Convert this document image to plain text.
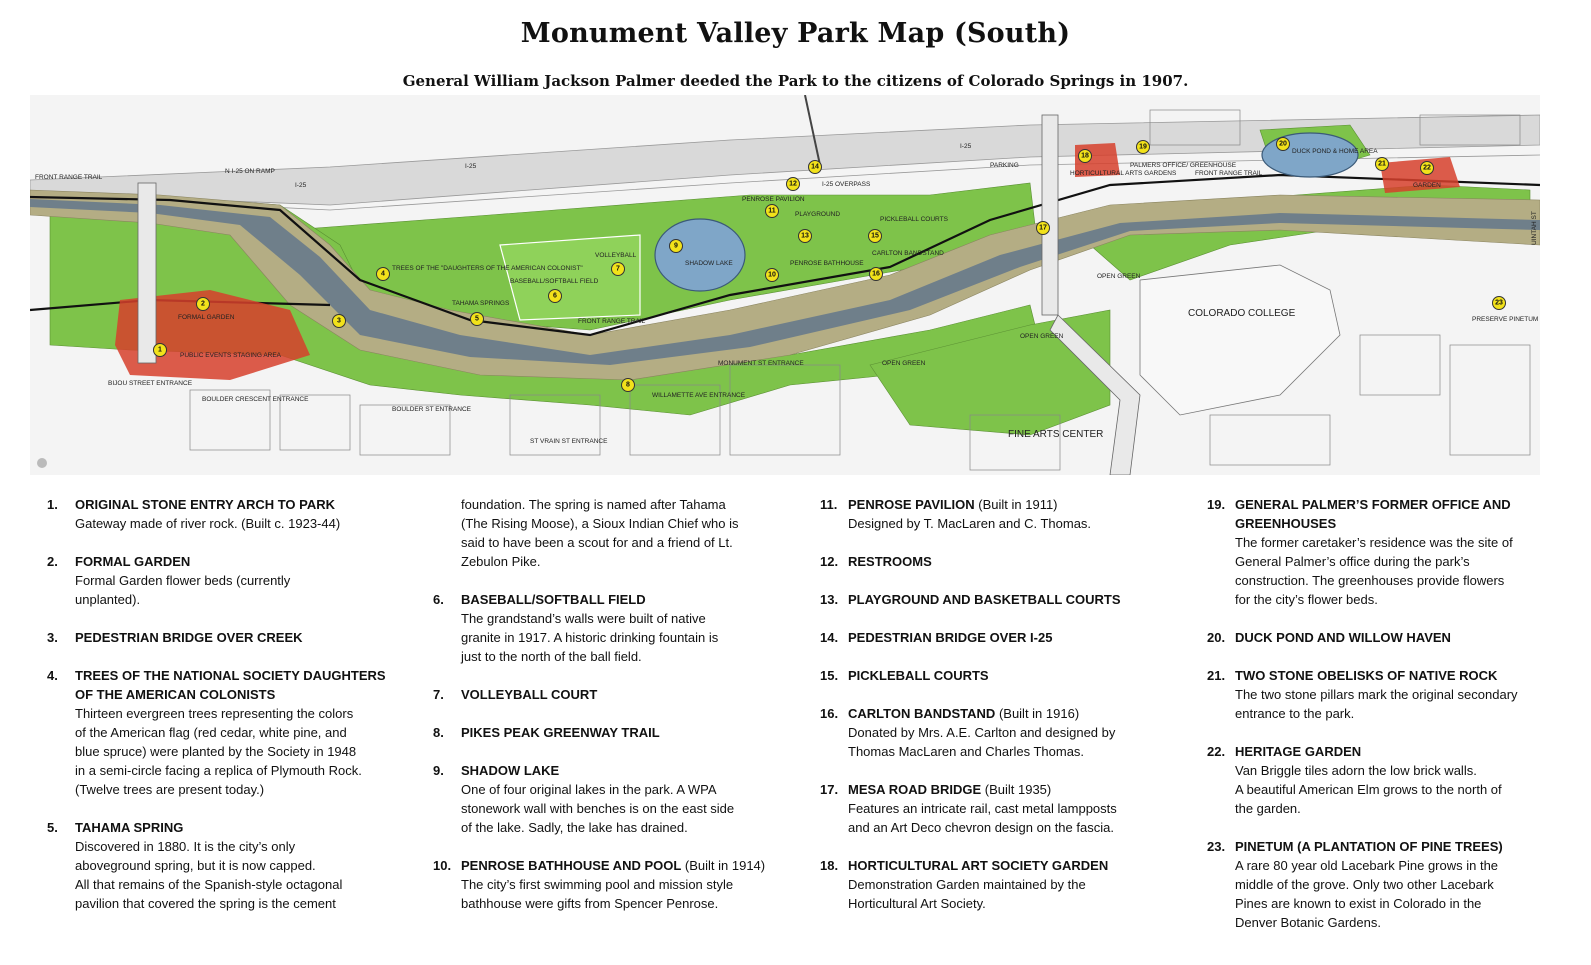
Monument Valley Park Map (South)
General William Jackson Palmer deeded the Park to the citizens of Colorado Springs in 1907.
FRONT RANGE TRAIL
N I-25 ON RAMP
I-25
I-25
I-25
I-25 OVERPASS
PENROSE PAVILION
PLAYGROUND
PICKLEBALL COURTS
PARKING
HORTICULTURAL ARTS GARDENS
PALMERS OFFICE/ GREENHOUSE
FRONT RANGE TRAIL
DUCK POND & HOME AREA
GARDEN
UINTAH ST
TREES OF THE "DAUGHTERS OF THE AMERICAN COLONIST"
VOLLEYBALL
SHADOW LAKE
BASEBALL/SOFTBALL FIELD
TAHAMA SPRINGS
FRONT RANGE TRAIL
PENROSE BATHHOUSE
CARLTON BANDSTAND
OPEN GREEN
OPEN GREEN
OPEN GREEN
COLORADO COLLEGE
PRESERVE PINETUM
FORMAL GARDEN
PUBLIC EVENTS STAGING AREA
BIJOU STREET ENTRANCE
BOULDER CRESCENT ENTRANCE
BOULDER ST ENTRANCE
ST VRAIN ST ENTRANCE
WILLAMETTE AVE ENTRANCE
MONUMENT ST ENTRANCE
FINE ARTS CENTER
1
2
3
4
5
6
7
8
9
10
11
12
13
14
15
16
17
18
19	20
21
22
23
1. ORIGINAL STONE ENTRY ARCH TO PARK
Gateway made of river rock. (Built c. 1923-44)
2. FORMAL GARDEN
Formal Garden flower beds (currently
unplanted).
3. PEDESTRIAN BRIDGE OVER CREEK
4. TREES OF THE NATIONAL SOCIETY DAUGHTERS
OF THE AMERICAN COLONISTS
Thirteen evergreen trees representing the colors
of the American flag (red cedar, white pine, and
blue spruce) were planted by the Society in 1948
in a semi-circle facing a replica of Plymouth Rock.
(Twelve trees are present today.)
5. TAHAMA SPRING
Discovered in 1880. It is the city’s only
aboveground spring, but it is now capped.
All that remains of the Spanish-style octagonal
pavilion that covered the spring is the cement
foundation. The spring is named after Tahama
(The Rising Moose), a Sioux Indian Chief who is
said to have been a scout for and a friend of Lt.
Zebulon Pike.
6. BASEBALL/SOFTBALL FIELD
The grandstand’s walls were built of native
granite in 1917. A historic drinking fountain is
just to the north of the ball field.
7. VOLLEYBALL COURT
8. PIKES PEAK GREENWAY TRAIL
9. SHADOW LAKE
One of four original lakes in the park. A WPA
stonework wall with benches is on the east side
of the lake. Sadly, the lake has drained.
10. PENROSE BATHHOUSE AND POOL (Built in 1914)
The city’s first swimming pool and mission style
bathhouse were gifts from Spencer Penrose.
11. PENROSE PAVILION (Built in 1911)
Designed by T. MacLaren and C. Thomas.
12. RESTROOMS
13. PLAYGROUND AND BASKETBALL COURTS
14. PEDESTRIAN BRIDGE OVER I-25
15. PICKLEBALL COURTS
16. CARLTON BANDSTAND (Built in 1916)
Donated by Mrs. A.E. Carlton and designed by
Thomas MacLaren and Charles Thomas.
17. MESA ROAD BRIDGE (Built 1935)
Features an intricate rail, cast metal lampposts
and an Art Deco chevron design on the fascia.
18. HORTICULTURAL ART SOCIETY GARDEN
Demonstration Garden maintained by the
Horticultural Art Society.
19. GENERAL PALMER’S FORMER OFFICE AND
GREENHOUSES
The former caretaker’s residence was the site of
General Palmer’s office during the park’s
construction. The greenhouses provide flowers
for the city’s flower beds.
20. DUCK POND AND WILLOW HAVEN
21. TWO STONE OBELISKS OF NATIVE ROCK
The two stone pillars mark the original secondary
entrance to the park.
22. HERITAGE GARDEN
Van Briggle tiles adorn the low brick walls.
A beautiful American Elm grows to the north of
the garden.
23. PINETUM (A PLANTATION OF PINE TREES)
A rare 80 year old Lacebark Pine grows in the
middle of the grove. Only two other Lacebark
Pines are known to exist in Colorado in the
Denver Botanic Gardens.
